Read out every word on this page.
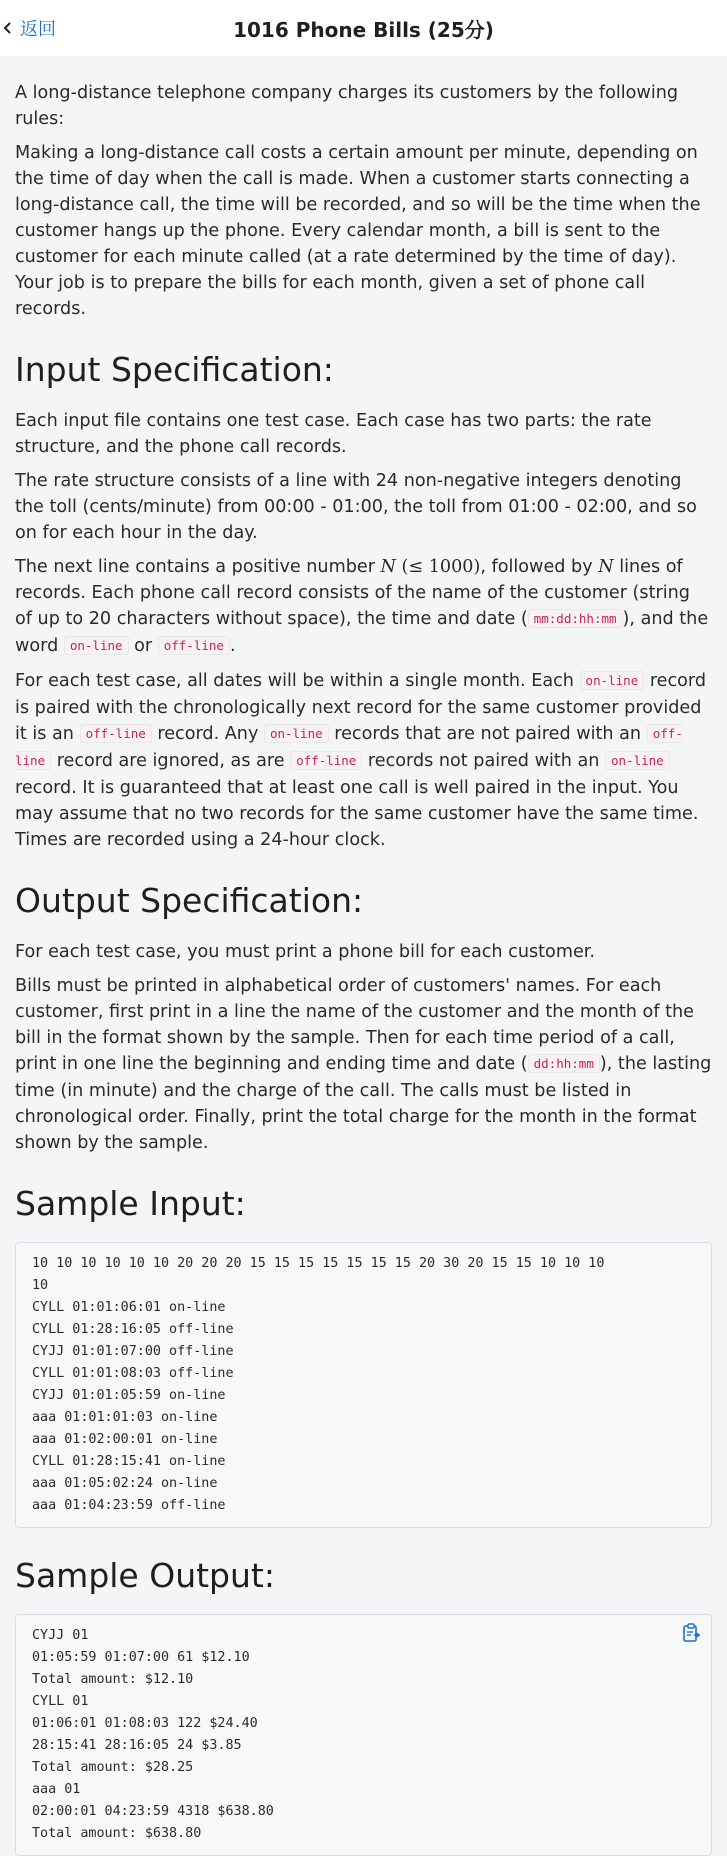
返回	1016 Phone Bills (25分)

A long-distance telephone company charges its customers by the following rules:

Making a long-distance call costs a certain amount per minute, depending on the time of day when the call is made. When a customer starts connecting a long-distance call, the time will be recorded, and so will be the time when the customer hangs up the phone. Every calendar month, a bill is sent to the customer for each minute called (at a rate determined by the time of day). Your job is to prepare the bills for each month, given a set of phone call records.

Input Specification:

Each input file contains one test case. Each case has two parts: the rate structure, and the phone call records.

The rate structure consists of a line with 24 non-negative integers denoting the toll (cents/minute) from 00:00 - 01:00, the toll from 01:00 - 02:00, and so on for each hour in the day.

The next line contains a positive number N (≤ 1000), followed by N lines of records. Each phone call record consists of the name of the customer (string of up to 20 characters without space), the time and date ( mm:dd:hh:mm ), and the word on-line or off-line .

For each test case, all dates will be within a single month. Each on-line record is paired with the chronologically next record for the same customer provided it is an off-line record. Any on-line records that are not paired with an off-line record are ignored, as are off-line records not paired with an on-line record. It is guaranteed that at least one call is well paired in the input. You may assume that no two records for the same customer have the same time. Times are recorded using a 24-hour clock.

Output Specification:

For each test case, you must print a phone bill for each customer.

Bills must be printed in alphabetical order of customers' names. For each customer, first print in a line the name of the customer and the month of the bill in the format shown by the sample. Then for each time period of a call, print in one line the beginning and ending time and date ( dd:hh:mm ), the lasting time (in minute) and the charge of the call. The calls must be listed in chronological order. Finally, print the total charge for the month in the format shown by the sample.

Sample Input:
10 10 10 10 10 10 20 20 20 15 15 15 15 15 15 15 20 30 20 15 15 10 10 10
10
CYLL 01:01:06:01 on-line
CYLL 01:28:16:05 off-line
CYJJ 01:01:07:00 off-line
CYLL 01:01:08:03 off-line
CYJJ 01:01:05:59 on-line
aaa 01:01:01:03 on-line
aaa 01:02:00:01 on-line
CYLL 01:28:15:41 on-line
aaa 01:05:02:24 on-line
aaa 01:04:23:59 off-line
Sample Output:
CYJJ 01
01:05:59 01:07:00 61 $12.10
Total amount: $12.10
CYLL 01
01:06:01 01:08:03 122 $24.40
28:15:41 28:16:05 24 $3.85
Total amount: $28.25
aaa 01
02:00:01 04:23:59 4318 $638.80
Total amount: $638.80
